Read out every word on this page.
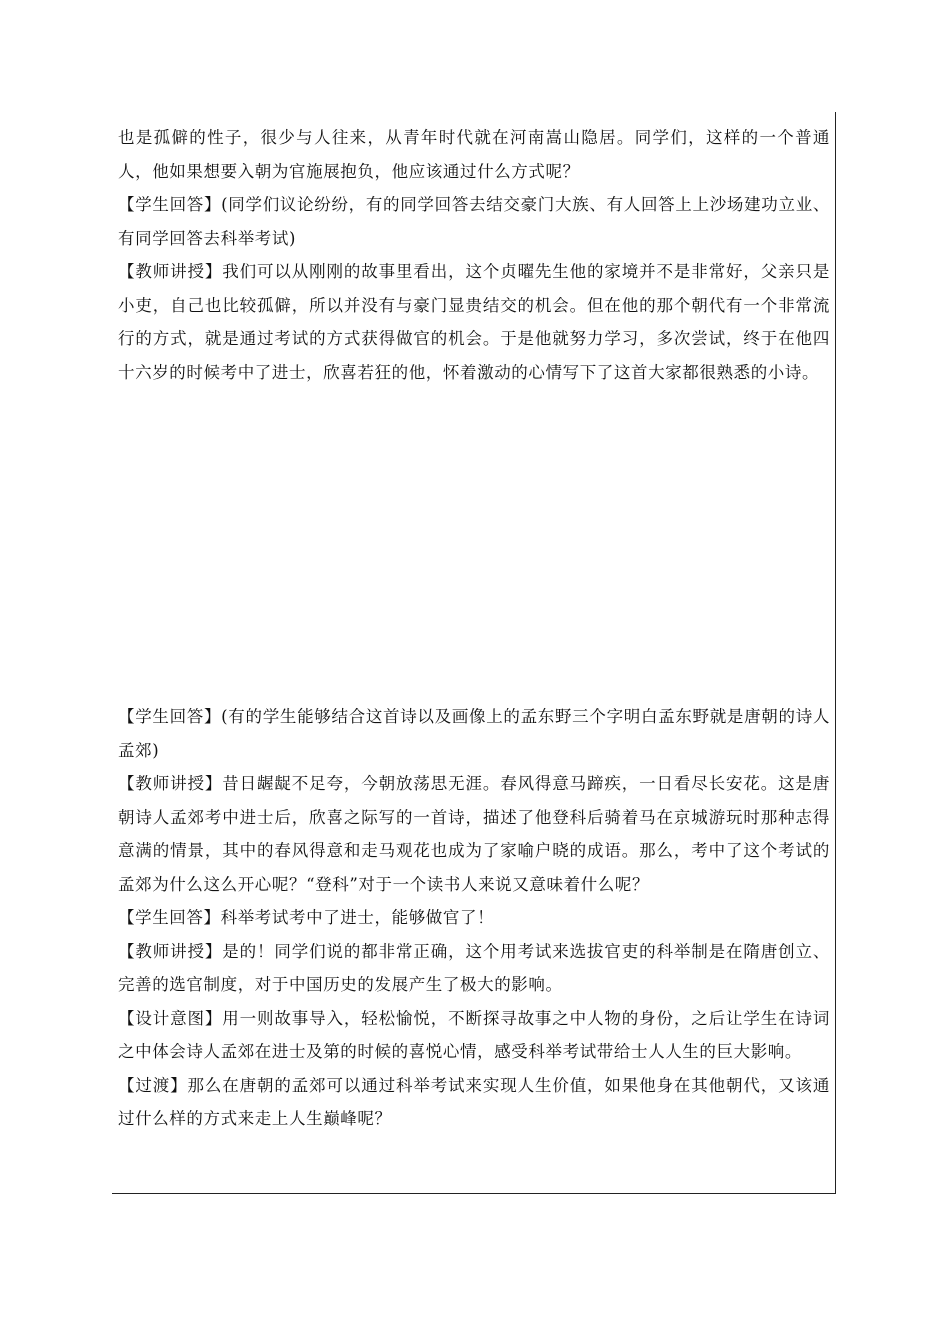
也是孤僻的性子，很少与人往来，从青年时代就在河南嵩山隐居。同学们，这样的一个普通人，他如果想要入朝为官施展抱负，他应该通过什么方式呢？

【学生回答】(同学们议论纷纷，有的同学回答去结交豪门大族、有人回答上上沙场建功立业、有同学回答去科举考试)

【教师讲授】我们可以从刚刚的故事里看出，这个贞曜先生他的家境并不是非常好，父亲只是小吏，自己也比较孤僻，所以并没有与豪门显贵结交的机会。但在他的那个朝代有一个非常流行的方式，就是通过考试的方式获得做官的机会。于是他就努力学习，多次尝试，终于在他四十六岁的时候考中了进士，欣喜若狂的他，怀着激动的心情写下了这首大家都很熟悉的小诗。

【学生回答】(有的学生能够结合这首诗以及画像上的孟东野三个字明白孟东野就是唐朝的诗人孟郊)

【教师讲授】昔日龌龊不足夸，今朝放荡思无涯。春风得意马蹄疾，一日看尽长安花。这是唐朝诗人孟郊考中进士后，欣喜之际写的一首诗，描述了他登科后骑着马在京城游玩时那种志得意满的情景，其中的春风得意和走马观花也成为了家喻户晓的成语。那么，考中了这个考试的孟郊为什么这么开心呢？“登科”对于一个读书人来说又意味着什么呢？

【学生回答】科举考试考中了进士，能够做官了！

【教师讲授】是的！同学们说的都非常正确，这个用考试来选拔官吏的科举制是在隋唐创立、完善的选官制度，对于中国历史的发展产生了极大的影响。

【设计意图】用一则故事导入，轻松愉悦，不断探寻故事之中人物的身份，之后让学生在诗词之中体会诗人孟郊在进士及第的时候的喜悦心情，感受科举考试带给士人人生的巨大影响。

【过渡】那么在唐朝的孟郊可以通过科举考试来实现人生价值，如果他身在其他朝代，又该通过什么样的方式来走上人生巅峰呢？
